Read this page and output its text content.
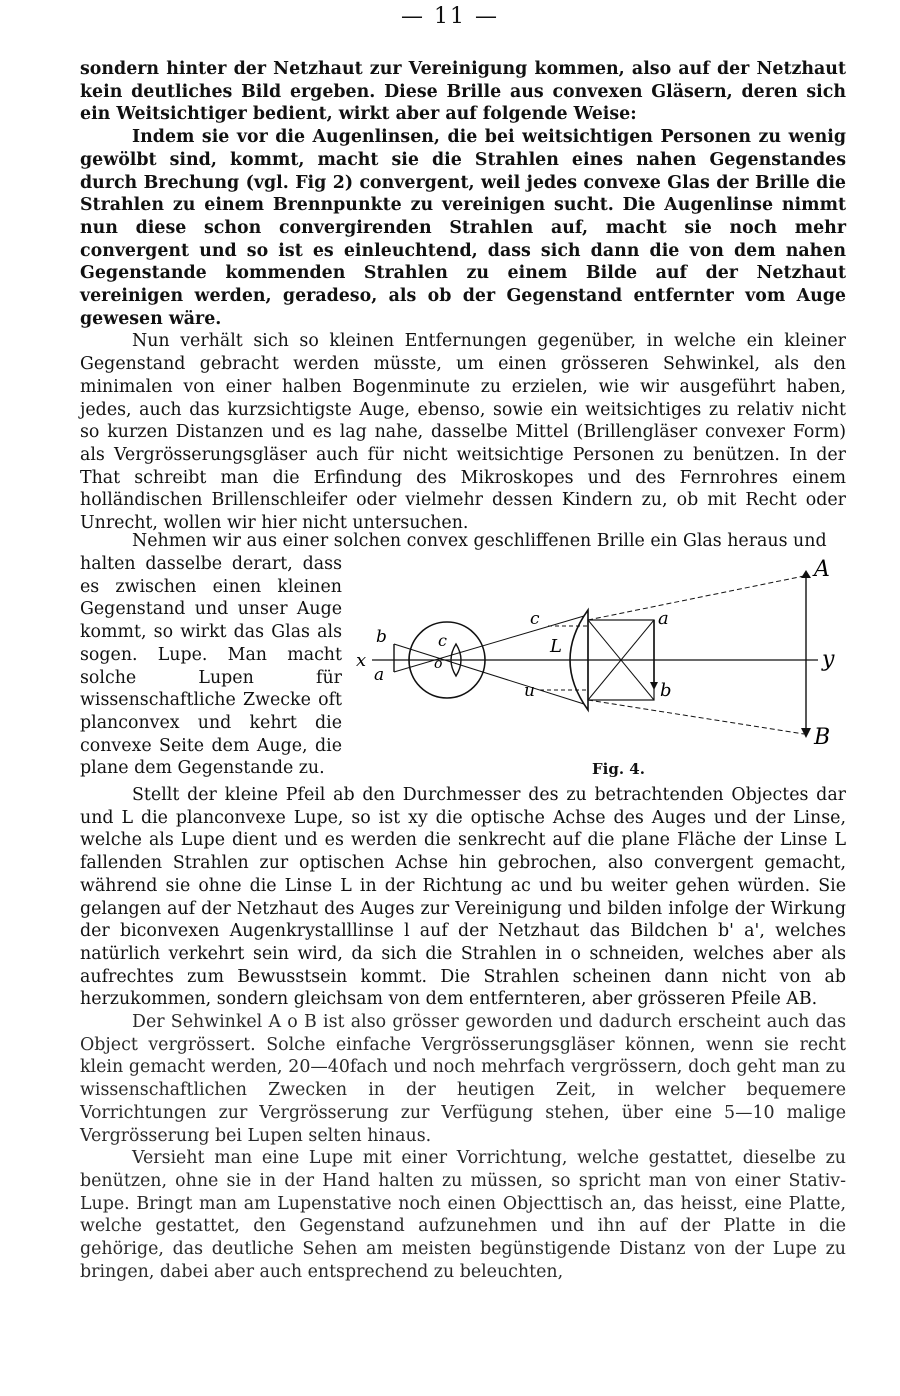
— 11 —

sondern hinter der Netzhaut zur Vereinigung kommen, also auf der Netzhaut kein deutliches Bild ergeben. Diese Brille aus convexen Gläsern, deren sich ein Weitsichtiger bedient, wirkt aber auf folgende Weise:

Indem sie vor die Augenlinsen, die bei weitsichtigen Personen zu wenig gewölbt sind, kommt, macht sie die Strahlen eines nahen Gegenstandes durch Brechung (vgl. Fig 2) convergent, weil jedes convexe Glas der Brille die Strahlen zu einem Brennpunkte zu vereinigen sucht. Die Augenlinse nimmt nun diese schon convergirenden Strahlen auf, macht sie noch mehr convergent und so ist es einleuchtend, dass sich dann die von dem nahen Gegenstande kommenden Strahlen zu einem Bilde auf der Netzhaut vereinigen werden, geradeso, als ob der Gegenstand entfernter vom Auge gewesen wäre.

Nun verhält sich so kleinen Entfernungen gegenüber, in welche ein kleiner Gegenstand gebracht werden müsste, um einen grösseren Sehwinkel, als den minimalen von einer halben Bogenminute zu erzielen, wie wir ausgeführt haben, jedes, auch das kurzsichtigste Auge, ebenso, sowie ein weitsichtiges zu relativ nicht so kurzen Distanzen und es lag nahe, dasselbe Mittel (Brillengläser convexer Form) als Vergrösserungsgläser auch für nicht weitsichtige Personen zu benützen. In der That schreibt man die Erfindung des Mikroskopes und des Fernrohres einem holländischen Brillenschleifer oder vielmehr dessen Kindern zu, ob mit Recht oder Unrecht, wollen wir hier nicht untersuchen.

Nehmen wir aus einer solchen convex geschliffenen Brille ein Glas heraus und
halten dasselbe derart, dass es zwischen einen kleinen Gegenstand und unser Auge kommt, so wirkt das Glas als sogen. Lupe. Man macht solche Lupen für wissenschaftliche Zwecke oft planconvex und kehrt die convexe Seite dem Auge, die plane dem Gegenstande zu.
A
B
y
x
b
a
c
o
c
u
L
a
b
Fig. 4.

Stellt der kleine Pfeil ab den Durchmesser des zu betrachtenden Objectes dar und L die planconvexe Lupe, so ist xy die optische Achse des Auges und der Linse, welche als Lupe dient und es werden die senkrecht auf die plane Fläche der Linse L fallenden Strahlen zur optischen Achse hin gebrochen, also convergent gemacht, während sie ohne die Linse L in der Richtung ac und bu weiter gehen würden. Sie gelangen auf der Netzhaut des Auges zur Vereinigung und bilden infolge der Wirkung der biconvexen Augenkrystalllinse l auf der Netzhaut das Bildchen b' a', welches natürlich verkehrt sein wird, da sich die Strahlen in o schneiden, welches aber als aufrechtes zum Bewusstsein kommt. Die Strahlen scheinen dann nicht von ab herzukommen, sondern gleichsam von dem entfernteren, aber grösseren Pfeile AB.

Der Sehwinkel A o B ist also grösser geworden und dadurch erscheint auch das Object vergrössert. Solche einfache Vergrösserungsgläser können, wenn sie recht klein gemacht werden, 20—40fach und noch mehrfach vergrössern, doch geht man zu wissenschaftlichen Zwecken in der heutigen Zeit, in welcher bequemere Vorrichtungen zur Vergrösserung zur Verfügung stehen, über eine 5—10 malige Vergrösserung bei Lupen selten hinaus.

Versieht man eine Lupe mit einer Vorrichtung, welche gestattet, dieselbe zu benützen, ohne sie in der Hand halten zu müssen, so spricht man von einer Stativ-Lupe. Bringt man am Lupenstative noch einen Objecttisch an, das heisst, eine Platte, welche gestattet, den Gegenstand aufzunehmen und ihn auf der Platte in die gehörige, das deutliche Sehen am meisten begünstigende Distanz von der Lupe zu bringen, dabei aber auch entsprechend zu beleuchten,
